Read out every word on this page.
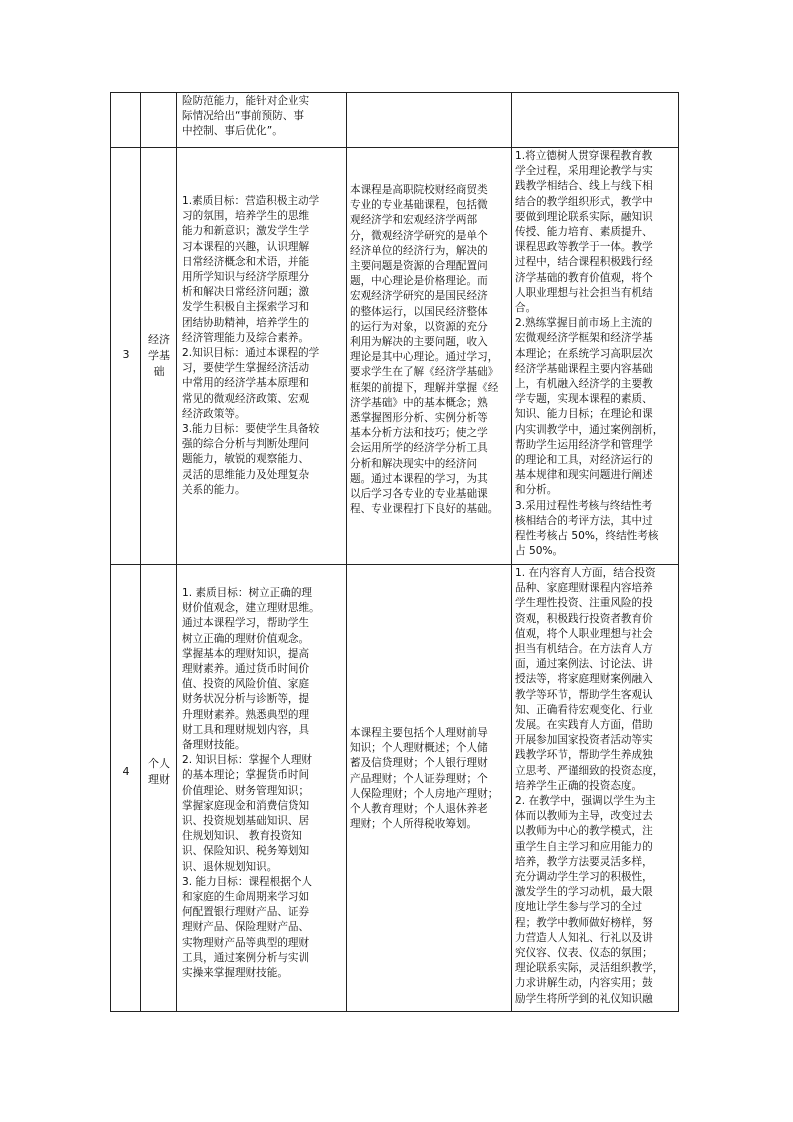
险防范能力，能针对企业实
际情况给出“事前预防、事
中控制、事后优化”。
3
经济
学基
础
1.素质目标：营造积极主动学
习的氛围，培养学生的思维
能力和新意识；激发学生学
习本课程的兴趣，认识理解
日常经济概念和术语，并能
用所学知识与经济学原理分
析和解决日常经济问题；激
发学生积极自主探索学习和
团结协助精神，培养学生的
经济管理能力及综合素养。
2.知识目标：通过本课程的学
习，要使学生掌握经济活动
中常用的经济学基本原理和
常见的微观经济政策、宏观
经济政策等。
3.能力目标：要使学生具备较
强的综合分析与判断处理问
题能力，敏锐的观察能力、
灵活的思维能力及处理复杂
关系的能力。
本课程是高职院校财经商贸类
专业的专业基础课程，包括微
观经济学和宏观经济学两部
分，微观经济学研究的是单个
经济单位的经济行为，解决的
主要问题是资源的合理配置问
题，中心理论是价格理论。而
宏观经济学研究的是国民经济
的整体运行，以国民经济整体
的运行为对象，以资源的充分
利用为解决的主要问题，收入
理论是其中心理论。通过学习，
要求学生在了解《经济学基础》
框架的前提下，理解并掌握《经
济学基础》中的基本概念；熟
悉掌握图形分析、实例分析等
基本分析方法和技巧；使之学
会运用所学的经济学分析工具
分析和解决现实中的经济问
题。通过本课程的学习，为其
以后学习各专业的专业基础课
程、专业课程打下良好的基础。
1.将立德树人贯穿课程教育教
学全过程，采用理论教学与实
践教学相结合、线上与线下相
结合的教学组织形式，教学中
要做到理论联系实际，融知识
传授、能力培育、素质提升、
课程思政等教学于一体。教学
过程中，结合课程积极践行经
济学基础的教育价值观，将个
人职业理想与社会担当有机结
合。
2.熟练掌握目前市场上主流的
宏微观经济学框架和经济学基
本理论；在系统学习高职层次
经济学基础课程主要内容基础
上，有机融入经济学的主要教
学专题，实现本课程的素质、
知识、能力目标；在理论和课
内实训教学中，通过案例剖析，
帮助学生运用经济学和管理学
的理论和工具，对经济运行的
基本规律和现实问题进行阐述
和分析。
3.采用过程性考核与终结性考
核相结合的考评方法，其中过
程性考核占 50%，终结性考核
占 50%。
4
个人
理财
1. 素质目标：树立正确的理
财价值观念，建立理财思维。
通过本课程学习，帮助学生
树立正确的理财价值观念。
掌握基本的理财知识，提高
理财素养。通过货币时间价
值、投资的风险价值、家庭
财务状况分析与诊断等，提
升理财素养。熟悉典型的理
财工具和理财规划内容，具
备理财技能。
2. 知识目标：掌握个人理财
的基本理论；掌握货币时间
价值理论、财务管理知识；
掌握家庭现金和消费信贷知
识、投资规划基础知识、居
住规划知识、 教育投资知
识、保险知识、税务筹划知
识、退休规划知识。
3. 能力目标：课程根据个人
和家庭的生命周期来学习如
何配置银行理财产品、证券
理财产品、保险理财产品、
实物理财产品等典型的理财
工具，通过案例分析与实训
实操来掌握理财技能。
本课程主要包括个人理财前导
知识；个人理财概述；个人储
蓄及信贷理财；个人银行理财
产品理财；个人证券理财；个
人保险理财；个人房地产理财；
个人教育理财；个人退休养老
理财；个人所得税收筹划。
1. 在内容育人方面，结合投资
品种、家庭理财课程内容培养
学生理性投资、注重风险的投
资观，积极践行投资者教育价
值观，将个人职业理想与社会
担当有机结合。在方法育人方
面，通过案例法、讨论法、讲
授法等，将家庭理财案例融入
教学等环节，帮助学生客观认
知、正确看待宏观变化、行业
发展。在实践育人方面，借助
开展参加国家投资者活动等实
践教学环节，帮助学生养成独
立思考、严谨细致的投资态度，
培养学生正确的投资态度。
2. 在教学中，强调以学生为主
体而以教师为主导，改变过去
以教师为中心的教学模式，注
重学生自主学习和应用能力的
培养，教学方法要灵活多样，
充分调动学生学习的积极性，
激发学生的学习动机，最大限
度地让学生参与学习的全过
程；教学中教师做好榜样，努
力营造人人知礼、行礼以及讲
究仪容、仪表、仪态的氛围；
理论联系实际，灵活组织教学，
力求讲解生动，内容实用；鼓
励学生将所学到的礼仪知识融
